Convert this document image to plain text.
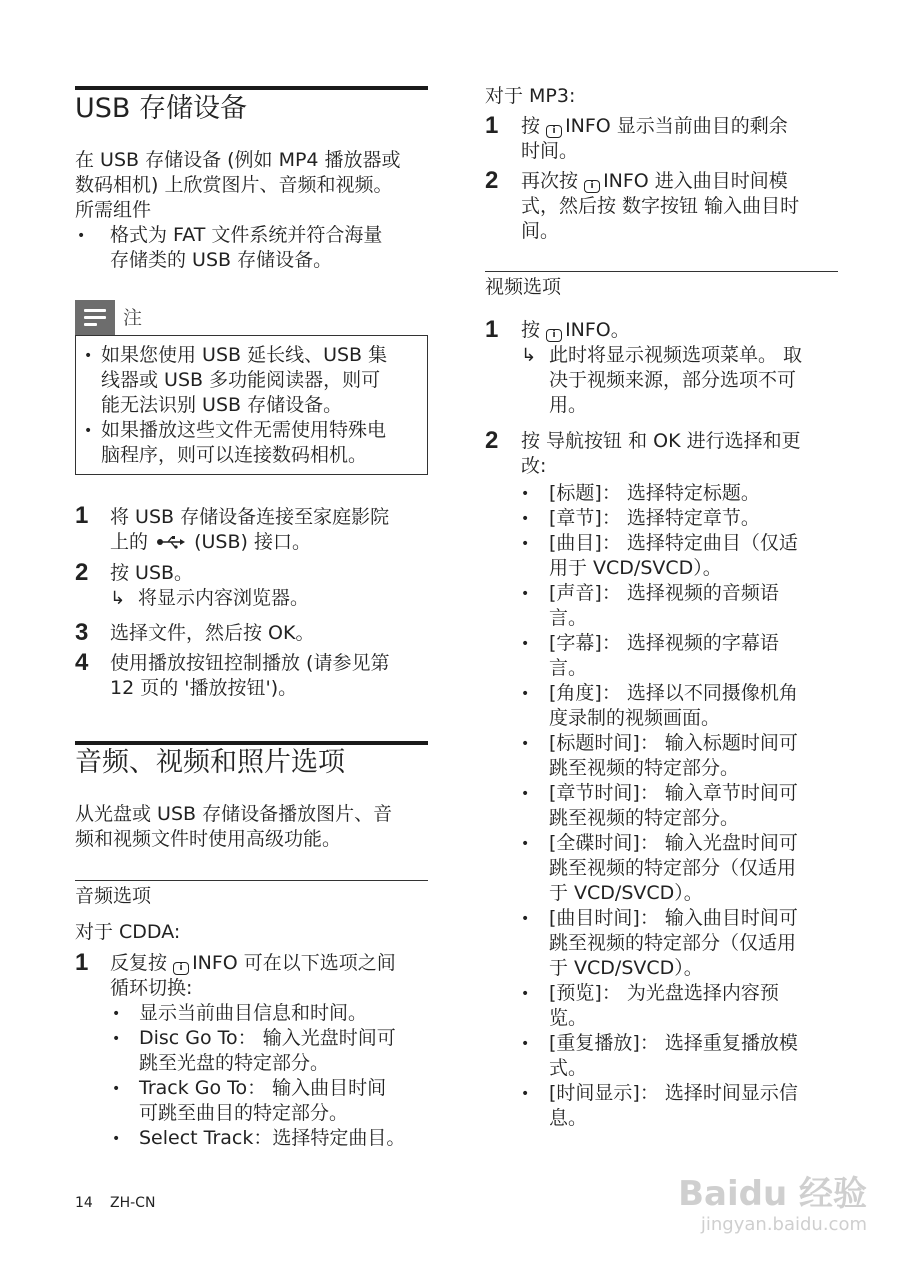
USB 存储设备
在 USB 存储设备 (例如 MP4 播放器或
数码相机) 上欣赏图片、音频和视频。
所需组件
• 格式为 FAT 文件系统并符合海量
存储类的 USB 存储设备。
注
• 如果您使用 USB 延长线、USB 集
线器或 USB 多功能阅读器，则可
能无法识别 USB 存储设备。
• 如果播放这些文件无需使用特殊电
脑程序，则可以连接数码相机。
1 将 USB 存储设备连接至家庭影院
上的 (USB) 接口。
2 按 USB。
↳ 将显示内容浏览器。
3 选择文件，然后按 OK。
4 使用播放按钮控制播放 (请参见第
12 页的 '播放按钮')。
音频、视频和照片选项
从光盘或 USB 存储设备播放图片、音
频和视频文件时使用高级功能。
音频选项
对于 CDDA:
1 反复按 i INFO 可在以下选项之间
循环切换:
• 显示当前曲目信息和时间。
• Disc Go To： 输入光盘时间可
跳至光盘的特定部分。
• Track Go To： 输入曲目时间
可跳至曲目的特定部分。
• Select Track：选择特定曲目。
对于 MP3:
1 按 i INFO 显示当前曲目的剩余
时间。
2 再次按 i INFO 进入曲目时间模
式，然后按 数字按钮 输入曲目时
间。
视频选项
1 按 i INFO。
↳ 此时将显示视频选项菜单。 取
决于视频来源，部分选项不可
用。
2 按 导航按钮 和 OK 进行选择和更
改:
• [标题]： 选择特定标题。
• [章节]： 选择特定章节。
• [曲目]： 选择特定曲目（仅适
用于 VCD/SVCD）。
• [声音]： 选择视频的音频语
言。
• [字幕]： 选择视频的字幕语
言。
• [角度]： 选择以不同摄像机角
度录制的视频画面。
• [标题时间]： 输入标题时间可
跳至视频的特定部分。
• [章节时间]： 输入章节时间可
跳至视频的特定部分。
• [全碟时间]： 输入光盘时间可
跳至视频的特定部分（仅适用
于 VCD/SVCD）。
• [曲目时间]： 输入曲目时间可
跳至视频的特定部分（仅适用
于 VCD/SVCD）。
• [预览]： 为光盘选择内容预
览。
• [重复播放]： 选择重复播放模
式。
• [时间显示]： 选择时间显示信
息。
14 ZH-CN	Baidu 经验
jingyan.baidu.com
